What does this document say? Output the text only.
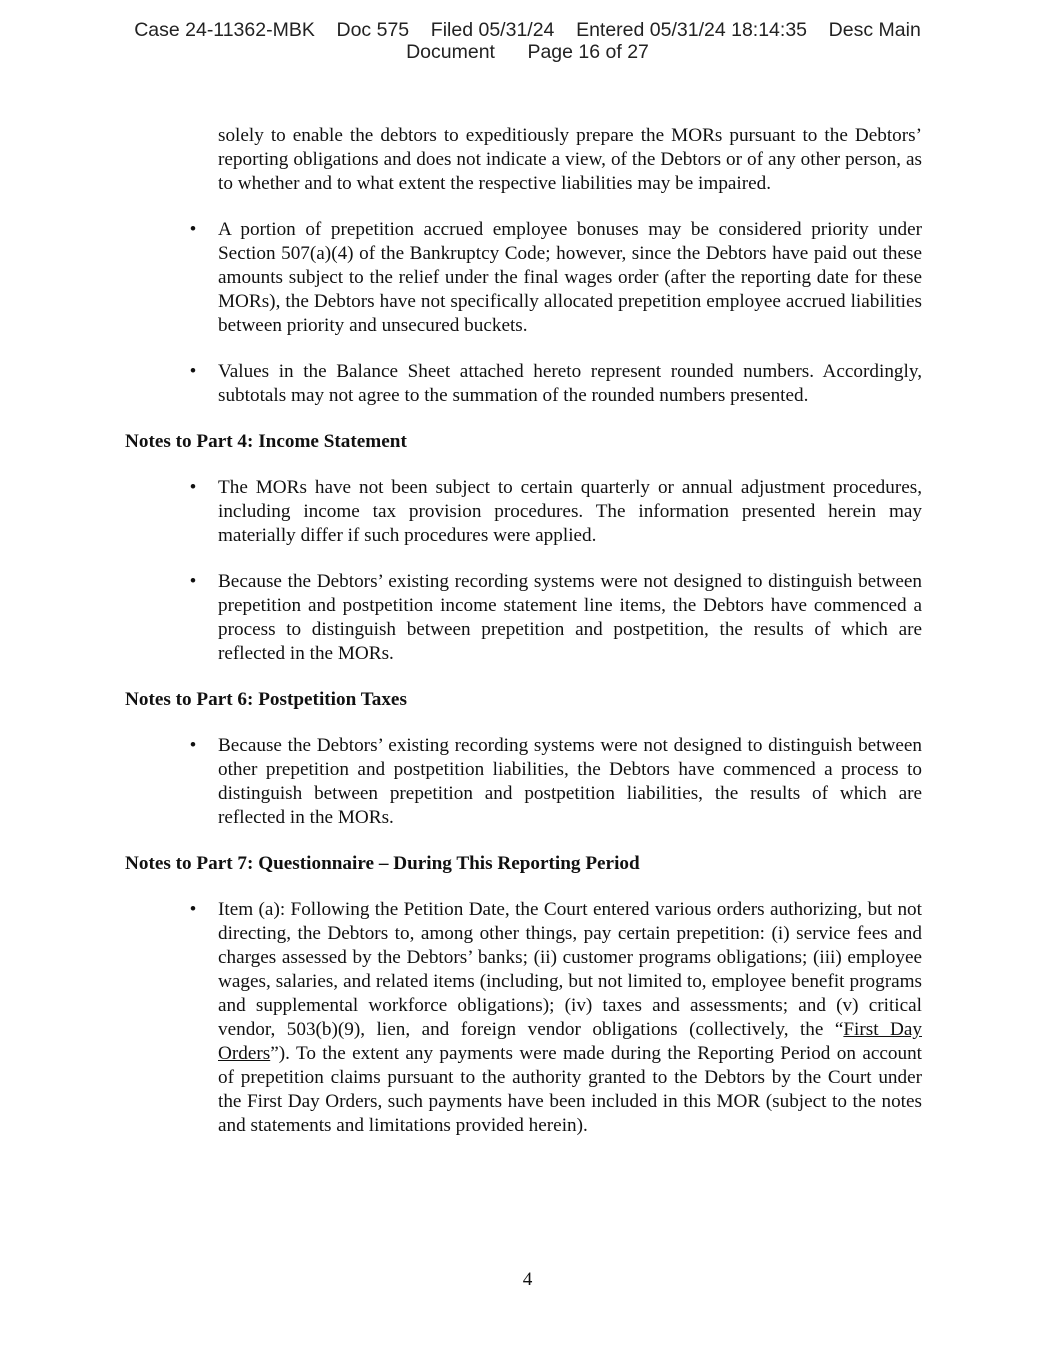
Case 24-11362-MBK    Doc 575    Filed 05/31/24    Entered 05/31/24 18:14:35    Desc Main
Document      Page 16 of 27

solely to enable the debtors to expeditiously prepare the MORs pursuant to the Debtors’ reporting obligations and does not indicate a view, of the Debtors or of any other person, as to whether and to what extent the respective liabilities may be impaired.

• A portion of prepetition accrued employee bonuses may be considered priority under Section 507(a)(4) of the Bankruptcy Code; however, since the Debtors have paid out these amounts subject to the relief under the final wages order (after the reporting date for these MORs), the Debtors have not specifically allocated prepetition employee accrued liabilities between priority and unsecured buckets.
• Values in the Balance Sheet attached hereto represent rounded numbers. Accordingly, subtotals may not agree to the summation of the rounded numbers presented.
Notes to Part 4: Income Statement
• The MORs have not been subject to certain quarterly or annual adjustment procedures, including income tax provision procedures. The information presented herein may materially differ if such procedures were applied.
• Because the Debtors’ existing recording systems were not designed to distinguish between prepetition and postpetition income statement line items, the Debtors have commenced a process to distinguish between prepetition and postpetition, the results of which are reflected in the MORs.
Notes to Part 6: Postpetition Taxes
• Because the Debtors’ existing recording systems were not designed to distinguish between other prepetition and postpetition liabilities, the Debtors have commenced a process to distinguish between prepetition and postpetition liabilities, the results of which are reflected in the MORs.
Notes to Part 7: Questionnaire – During This Reporting Period
• Item (a): Following the Petition Date, the Court entered various orders authorizing, but not directing, the Debtors to, among other things, pay certain prepetition: (i) service fees and charges assessed by the Debtors’ banks; (ii) customer programs obligations; (iii) employee wages, salaries, and related items (including, but not limited to, employee benefit programs and supplemental workforce obligations); (iv) taxes and assessments; and (v) critical vendor, 503(b)(9), lien, and foreign vendor obligations (collectively, the “First Day Orders”). To the extent any payments were made during the Reporting Period on account of prepetition claims pursuant to the authority granted to the Debtors by the Court under the First Day Orders, such payments have been included in this MOR (subject to the notes and statements and limitations provided herein).
4
